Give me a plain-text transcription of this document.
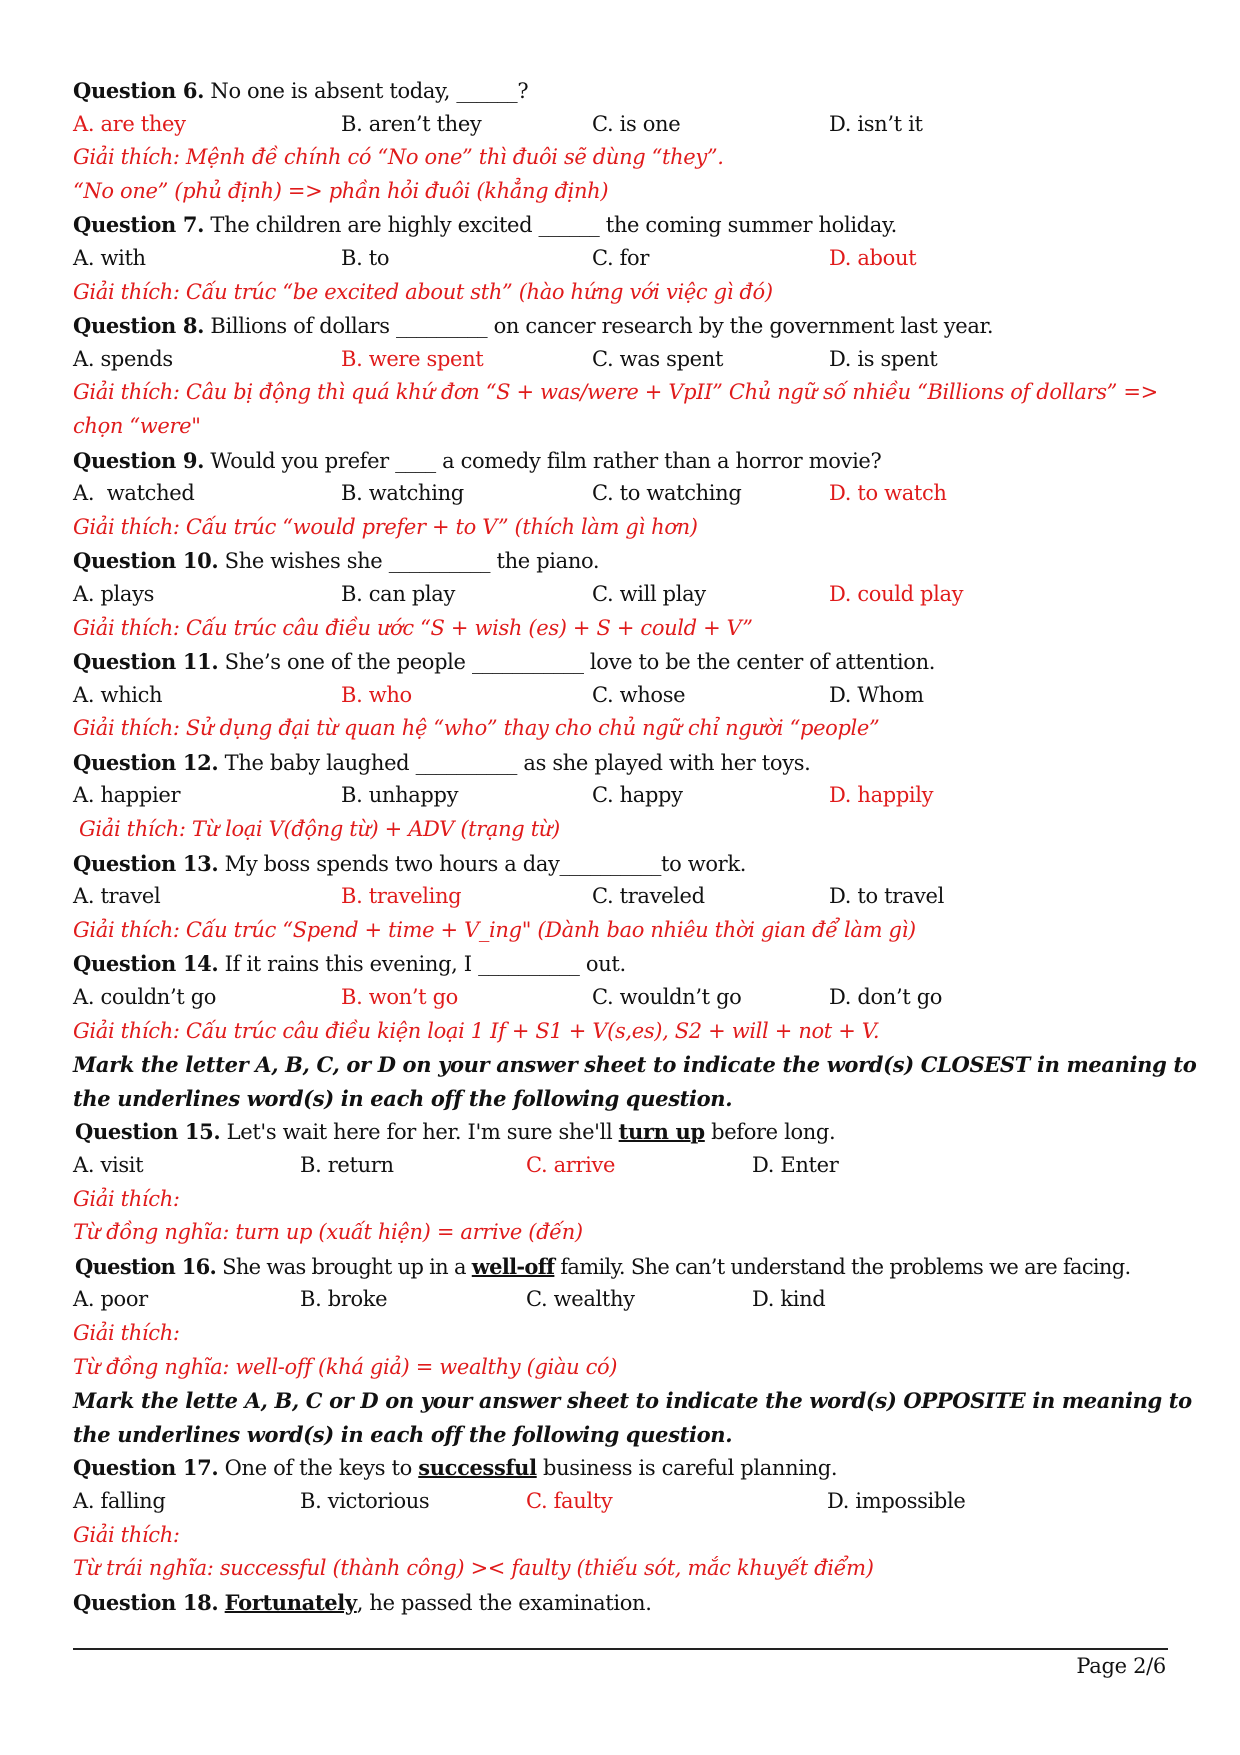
Question 6. No one is absent today, ______?
A. are they	B. aren’t they	C. is one	D. isn’t it
Giải thích: Mệnh đề chính có “No one” thì đuôi sẽ dùng “they”.
“No one” (phủ định) => phần hỏi đuôi (khẳng định)
Question 7. The children are highly excited ______ the coming summer holiday.
A. with	B. to	C. for	D. about
Giải thích: Cấu trúc “be excited about sth” (hào hứng với việc gì đó)
Question 8. Billions of dollars _________ on cancer research by the government last year.
A. spends	B. were spent	C. was spent	D. is spent
Giải thích: Câu bị động thì quá khứ đơn “S + was/were + VpII” Chủ ngữ số nhiều “Billions of dollars” =>
chọn “were"
Question 9. Would you prefer ____ a comedy film rather than a horror movie?
A.  watched	B. watching	C. to watching	D. to watch
Giải thích: Cấu trúc “would prefer + to V” (thích làm gì hơn)
Question 10. She wishes she __________ the piano.
A. plays	B. can play	C. will play	D. could play
Giải thích: Cấu trúc câu điều ước “S + wish (es) + S + could + V”
Question 11. She’s one of the people ___________ love to be the center of attention.
A. which	B. who	C. whose	D. Whom
Giải thích: Sử dụng đại từ quan hệ “who” thay cho chủ ngữ chỉ người “people”
Question 12. The baby laughed __________ as she played with her toys.
A. happier	B. unhappy	C. happy	D. happily
Giải thích: Từ loại V(động từ) + ADV (trạng từ)
Question 13. My boss spends two hours a day__________to work.
A. travel	B. traveling	C. traveled	D. to travel
Giải thích: Cấu trúc “Spend + time + V_ing" (Dành bao nhiêu thời gian để làm gì)
Question 14. If it rains this evening, I __________ out.
A. couldn’t go	B. won’t go	C. wouldn’t go	D. don’t go
Giải thích: Cấu trúc câu điều kiện loại 1 If + S1 + V(s,es), S2 + will + not + V.
Mark the letter A, B, C, or D on your answer sheet to indicate the word(s) CLOSEST in meaning to
the underlines word(s) in each off the following question.
Question 15. Let's wait here for her. I'm sure she'll turn up before long.
A. visit	B. return	C. arrive	D. Enter
Giải thích:
Từ đồng nghĩa: turn up (xuất hiện) = arrive (đến)
Question 16. She was brought up in a well-off family. She can’t understand the problems we are facing.
A. poor	B. broke	C. wealthy	D. kind
Giải thích:
Từ đồng nghĩa: well-off (khá giả) = wealthy (giàu có)
Mark the lette A, B, C or D on your answer sheet to indicate the word(s) OPPOSITE in meaning to
the underlines word(s) in each off the following question.
Question 17. One of the keys to successful business is careful planning.
A. falling	B. victorious	C. faulty	D. impossible
Giải thích:
Từ trái nghĩa: successful (thành công) >< faulty (thiếu sót, mắc khuyết điểm)
Question 18. Fortunately, he passed the examination.
Page 2/6
